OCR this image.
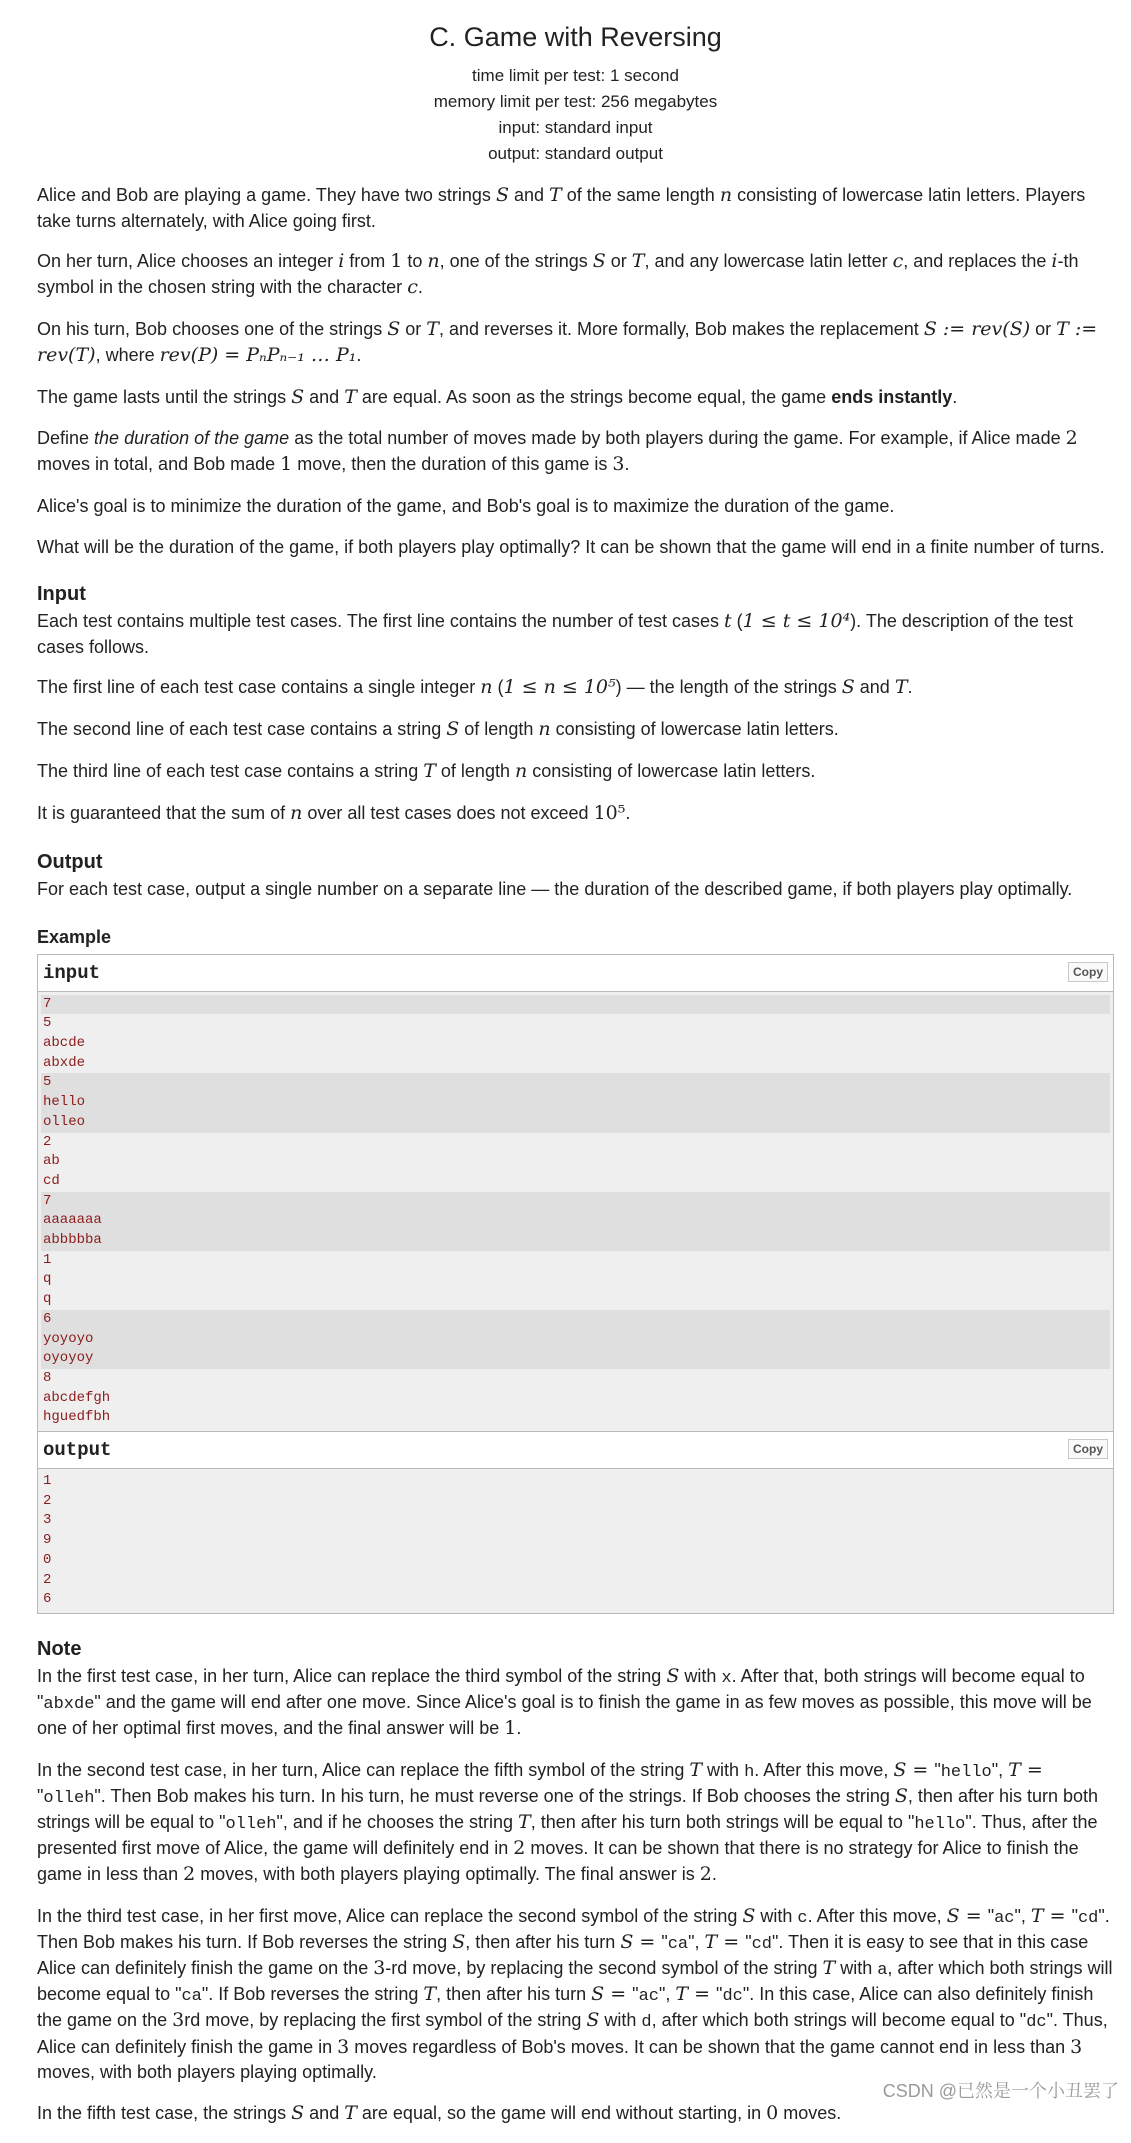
C. Game with Reversing
time limit per test: 1 second
memory limit per test: 256 megabytes
input: standard input
output: standard output

Alice and Bob are playing a game. They have two strings S and T of the same length n consisting of lowercase latin letters. Players take turns alternately, with Alice going first.

On her turn, Alice chooses an integer i from 1 to n, one of the strings S or T, and any lowercase latin letter c, and replaces the i-th symbol in the chosen string with the character c.

On his turn, Bob chooses one of the strings S or T, and reverses it. More formally, Bob makes the replacement S := rev(S) or T := rev(T), where rev(P) = PₙPₙ₋₁ … P₁.

The game lasts until the strings S and T are equal. As soon as the strings become equal, the game ends instantly.

Define the duration of the game as the total number of moves made by both players during the game. For example, if Alice made 2 moves in total, and Bob made 1 move, then the duration of this game is 3.

Alice's goal is to minimize the duration of the game, and Bob's goal is to maximize the duration of the game.

What will be the duration of the game, if both players play optimally? It can be shown that the game will end in a finite number of turns.

Input

Each test contains multiple test cases. The first line contains the number of test cases t (1 ≤ t ≤ 10⁴). The description of the test cases follows.

The first line of each test case contains a single integer n (1 ≤ n ≤ 10⁵) — the length of the strings S and T.

The second line of each test case contains a string S of length n consisting of lowercase latin letters.

The third line of each test case contains a string T of length n consisting of lowercase latin letters.

It is guaranteed that the sum of n over all test cases does not exceed 10⁵.

Output

For each test case, output a single number on a separate line — the duration of the described game, if both players play optimally.

Example
input	Copy
7
5
abcde
abxde
5
hello
olleo
2
ab
cd
7
aaaaaaa
abbbbba
1
q
q
6
yoyoyo
oyoyoy
8
abcdefgh
hguedfbh
output	Copy
1
2
3
9
0
2
6
Note

In the first test case, in her turn, Alice can replace the third symbol of the string S with x. After that, both strings will become equal to "abxde" and the game will end after one move. Since Alice's goal is to finish the game in as few moves as possible, this move will be one of her optimal first moves, and the final answer will be 1.

In the second test case, in her turn, Alice can replace the fifth symbol of the string T with h. After this move, S = "hello", T = "olleh". Then Bob makes his turn. In his turn, he must reverse one of the strings. If Bob chooses the string S, then after his turn both strings will be equal to "olleh", and if he chooses the string T, then after his turn both strings will be equal to "hello". Thus, after the presented first move of Alice, the game will definitely end in 2 moves. It can be shown that there is no strategy for Alice to finish the game in less than 2 moves, with both players playing optimally. The final answer is 2.

In the third test case, in her first move, Alice can replace the second symbol of the string S with c. After this move, S = "ac", T = "cd". Then Bob makes his turn. If Bob reverses the string S, then after his turn S = "ca", T = "cd". Then it is easy to see that in this case Alice can definitely finish the game on the 3-rd move, by replacing the second symbol of the string T with a, after which both strings will become equal to "ca". If Bob reverses the string T, then after his turn S = "ac", T = "dc". In this case, Alice can also definitely finish the game on the 3rd move, by replacing the first symbol of the string S with d, after which both strings will become equal to "dc". Thus, Alice can definitely finish the game in 3 moves regardless of Bob's moves. It can be shown that the game cannot end in less than 3 moves, with both players playing optimally.

In the fifth test case, the strings S and T are equal, so the game will end without starting, in 0 moves.

CSDN @已然是一个小丑罢了
